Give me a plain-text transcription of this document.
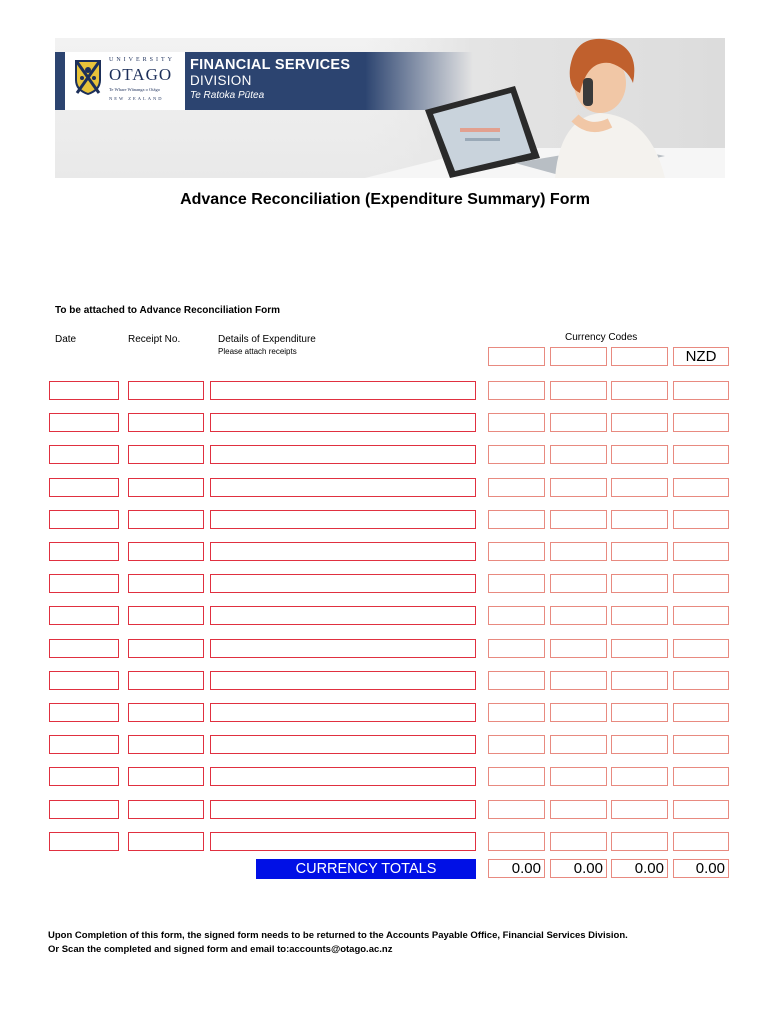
UNIVERSITY
OTAGO
Te Whare Wānanga o Otāgo
NEW ZEALAND
FINANCIAL SERVICES
DIVISION
Te Ratoka Pūtea
Advance Reconciliation (Expenditure Summary) Form
To be attached to Advance Reconciliation Form
Date	Receipt No.	Details of Expenditure
Please attach receipts
Currency Codes
NZD
CURRENCY TOTALS	0.00	0.00	0.00	0.00
Upon Completion of this form, the signed form needs to be returned to the Accounts Payable Office, Financial Services Division.
Or Scan the completed and signed form and email to:accounts@otago.ac.nz
